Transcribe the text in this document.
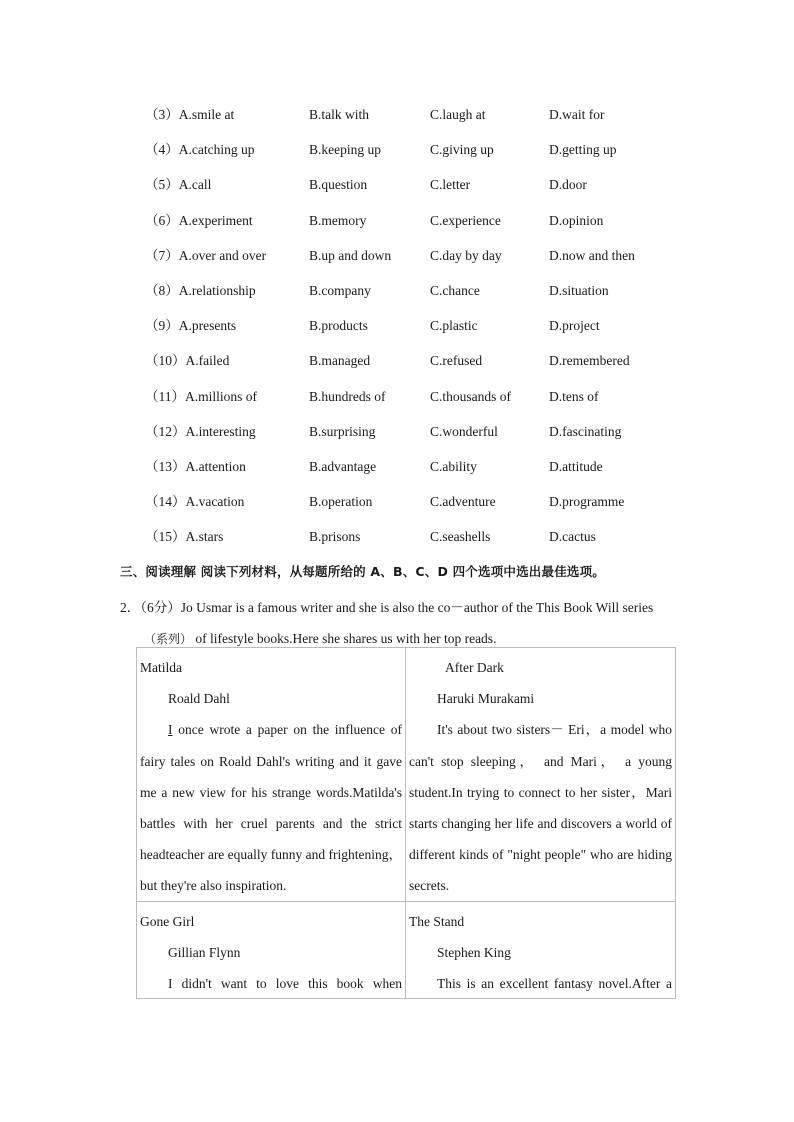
（3）A.smile at	B.talk with	C.laugh at	D.wait for
（4）A.catching up	B.keeping up	C.giving up	D.getting up
（5）A.call	B.question	C.letter	D.door
（6）A.experiment	B.memory	C.experience	D.opinion
（7）A.over and over	B.up and down	C.day by day	D.now and then
（8）A.relationship	B.company	C.chance	D.situation
（9）A.presents	B.products	C.plastic	D.project
（10）A.failed	B.managed	C.refused	D.remembered
（11）A.millions of	B.hundreds of	C.thousands of	D.tens of
（12）A.interesting	B.surprising	C.wonderful	D.fascinating
（13）A.attention	B.advantage	C.ability	D.attitude
（14）A.vacation	B.operation	C.adventure	D.programme
（15）A.stars	B.prisons	C.seashells	D.cactus
三、阅读理解 阅读下列材料，从每题所给的 A、B、C、D 四个选项中选出最佳选项。
2．（6分）Jo Usmar is a famous writer and she is also the co－author of the This Book Will series
（系列） of lifestyle books.Here she shares us with her top reads.
Matilda
Roald Dahl
I once wrote a paper on the influence of fairy tales on Roald Dahl's writing and it gave me a new view for his strange words.Matilda's battles with her cruel parents and the strict headteacher are equally funny and frightening，but they're also inspiration.
After Dark
Haruki Murakami
It's about two sisters－ Eri，a model who can't stop sleeping， and Mari， a young student.In trying to connect to her sister，Mari starts changing her life and discovers a world of different kinds of "night people" who are hiding secrets.
Gone Girl
Gillian Flynn
I didn't want to love this book when
The Stand
Stephen King
This is an excellent fantasy novel.After a
